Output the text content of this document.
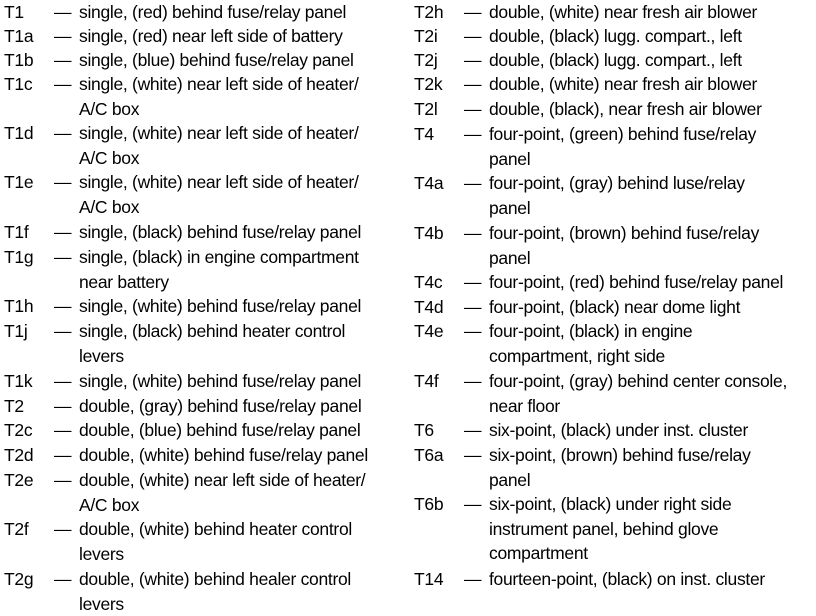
T1 — single, (red) behind fuse/relay panel
T1a — single, (red) near left side of battery
T1b — single, (blue) behind fuse/relay panel
T1c — single, (white) near left side of heater/
A/C box
T1d — single, (white) near left side of heater/
A/C box
T1e — single, (white) near left side of heater/
A/C box
T1f — single, (black) behind fuse/relay panel
T1g — single, (black) in engine compartment
near battery
T1h — single, (white) behind fuse/relay panel
T1j — single, (black) behind heater control
levers
T1k — single, (white) behind fuse/relay panel
T2 — double, (gray) behind fuse/relay panel
T2c — double, (blue) behind fuse/relay panel
T2d — double, (white) behind fuse/relay panel
T2e — double, (white) near left side of heater/
A/C box
T2f — double, (white) behind heater control
levers
T2g — double, (white) behind healer control
levers
T2h — double, (white) near fresh air blower
T2i — double, (black) lugg. compart., left
T2j — double, (black) lugg. compart., left
T2k — double, (white) near fresh air blower
T2l — double, (black), near fresh air blower
T4 — four-point, (green) behind fuse/relay
panel
T4a — four-point, (gray) behind luse/relay
panel
T4b — four-point, (brown) behind fuse/relay
panel
T4c — four-point, (red) behind fuse/relay panel
T4d — four-point, (black) near dome light
T4e — four-point, (black) in engine
compartment, right side
T4f — four-point, (gray) behind center console,
near floor
T6 — six-point, (black) under inst. cluster
T6a — six-point, (brown) behind fuse/relay
panel
T6b — six-point, (black) under right side
instrument panel, behind glove
compartment
T14 — fourteen-point, (black) on inst. cluster
